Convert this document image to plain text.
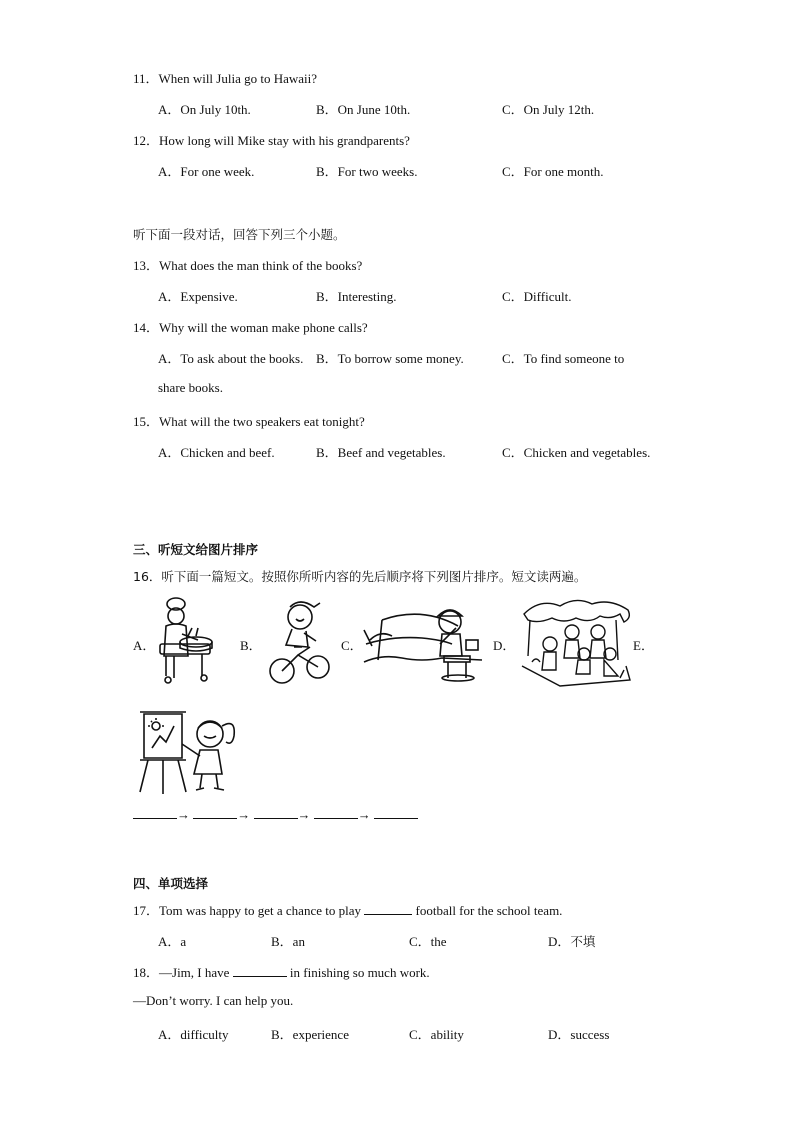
11．When will Julia go to Hawaii?
A．On July 10th.	B．On June 10th.	C．On July 12th.
12．How long will Mike stay with his grandparents?
A．For one week.	B．For two weeks.	C．For one month.
听下面一段对话，回答下列三个小题。
13．What does the man think of the books?
A．Expensive.	B．Interesting.	C．Difficult.
14．Why will the woman make phone calls?
A．To ask about the books. B．To borrow some money.	C．To find someone to
share books.
15．What will the two speakers eat tonight?
A．Chicken and beef.	B．Beef and vegetables.	C．Chicken and vegetables.
三、听短文给图片排序
16．听下面一篇短文。按照你所听内容的先后顺序将下列图片排序。短文读两遍。
A．	B．	C．	D．	E．
→	→	→	→
四、单项选择
17．Tom was happy to get a chance to play	football for the school team.
A．a	B．an	C．the	D．不填
18．—Jim, I have	in finishing so much work.
—Don’t worry. I can help you.
A．difficulty	B．experience	C．ability	D．success
